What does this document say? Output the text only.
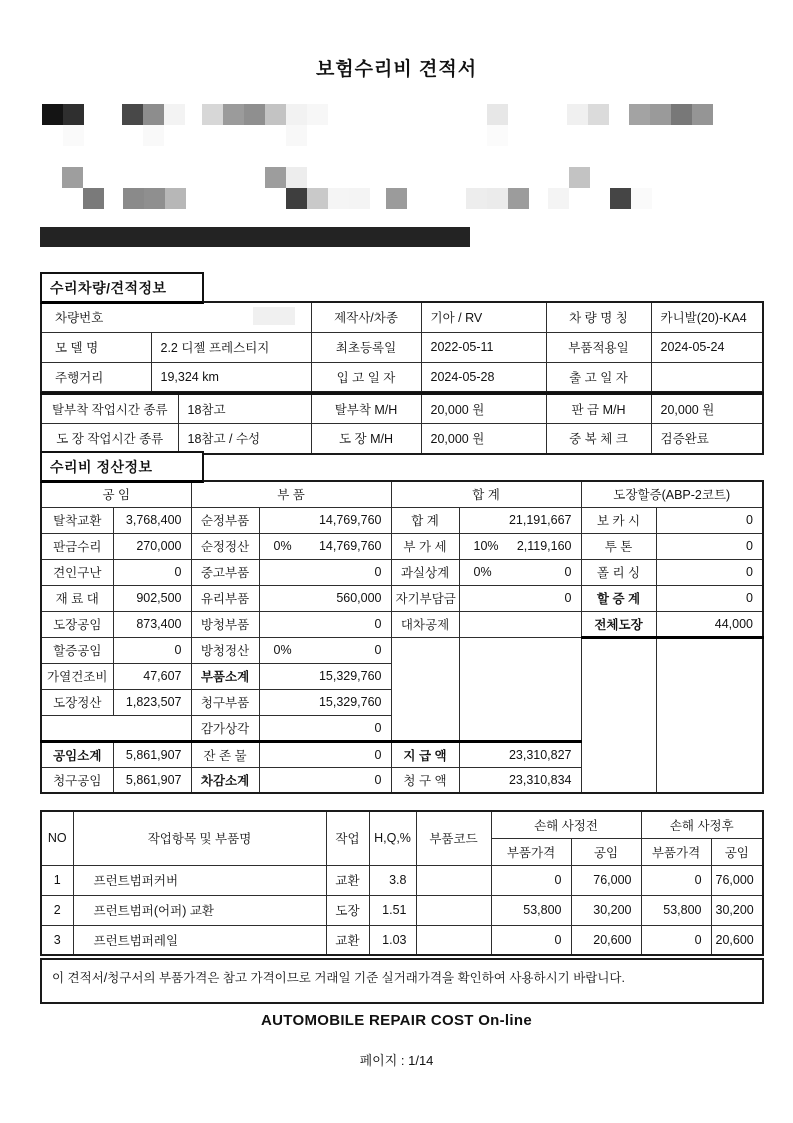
보험수리비 견적서
수리차량/견적정보
차량번호		제작사/차종	기아 / RV	차 량 명 칭	카니발(20)-KA4
모 델 명	2.2 디젤 프레스티지	최초등록일	2022-05-11	부품적용일	2024-05-24
주행거리	19,324 km	입 고 일 자	2024-05-28	출 고 일 자	
탈부착 작업시간 종류	18참고	탈부착 M/H	20,000 원	판 금 M/H	20,000 원
도 장 작업시간 종류	18참고 / 수성	도 장 M/H	20,000 원	중 복 체 크	검증완료
수리비 정산정보
공 임		부 품		합 계		도장할증(ABP-2코트)	
탈착교환	3,768,400	순정부품	14,769,760	합 계	21,191,667	보 카 시	0
판금수리	270,000	순정정산	0% 14,769,760	부 가 세	10% 2,119,160	투 톤	0
견인구난	0	중고부품	0	과실상계	0% 0	폴 리 싱	0
재 료 대	902,500	유리부품	560,000	자기부담금	0	할 증 계	0
도장공임	873,400	방청부품	0	대차공제		전체도장	44,000
할증공임	0	방청정산	0% 0				
가열건조비	47,607	부품소계	15,329,760				
도장정산	1,823,507	청구부품	15,329,760				
		감가상각	0				
공임소계	5,861,907	잔 존 물	0	지 급 액	23,310,827		
청구공임	5,861,907	차감소계	0	청 구 액	23,310,834		
NO	작업항목 및 부품명	작업	H,Q,%	부품코드	손해 사정전		손해 사정후	
					부품가격	공임	부품가격	공임
1	프런트범퍼커버	교환	3.8		0	76,000	0	76,000
2	프런트범퍼(어퍼) 교환	도장	1.51		53,800	30,200	53,800	30,200
3	프런트범퍼레일	교환	1.03		0	20,600	0	20,600
이 견적서/청구서의 부품가격은 참고 가격이므로 거래일 기준 실거래가격을 확인하여 사용하시기 바랍니다.
AUTOMOBILE REPAIR COST On-line
페이지 : 1/14
